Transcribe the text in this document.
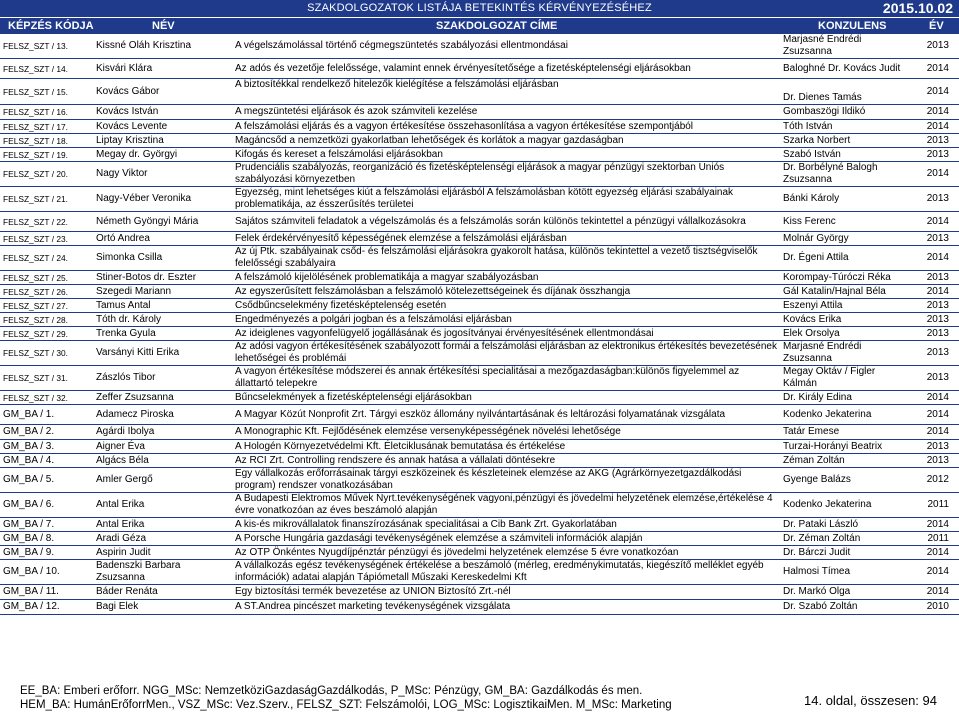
SZAKDOLGOZATOK LISTÁJA BETEKINTÉS KÉRVÉNYEZÉSÉHEZ	2015.10.02
KÉPZÉS KÓDJA	NÉV	SZAKDOLGOZAT CÍME	KONZULENS	ÉV
FELSZ_SZT / 13.	Kissné Oláh Krisztina	A végelszámolással történő cégmegszüntetés szabályozási ellentmondásai	Marjasné Endrédi Zsuzsanna	2013
FELSZ_SZT / 14.	Kisvári Klára	Az adós és vezetője felelőssége, valamint ennek érvényesítetősége a fizetésképtelenségi eljárásokban	Baloghné Dr. Kovács Judit	2014
FELSZ_SZT / 15.	Kovács Gábor	A biztosítékkal rendelkező hitelezők kielégítése a felszámolási eljárásban	Dr. Dienes Tamás	2014
FELSZ_SZT / 16.	Kovács István	A megszüntetési eljárások és azok számviteli kezelése	Gombaszögi Ildikó	2014
FELSZ_SZT / 17.	Kovács Levente	A felszámolási eljárás és a vagyon értékesítése összehasonlítása a vagyon értékesítése szempontjából	Tóth István	2014
FELSZ_SZT / 18.	Liptay Krisztina	Magáncsőd a nemzetközi gyakorlatban lehetőségek és korlátok a magyar gazdaságban	Szarka Norbert	2013
FELSZ_SZT / 19.	Megay dr. Györgyi	Kifogás és kereset a felszámolási eljárásokban	Szabó István	2013
FELSZ_SZT / 20.	Nagy Viktor	Prudenciális szabályozás, reorganizáció és fizetésképtelenségi eljárások a magyar pénzügyi szektorban Uniós szabályozási környezetben	Dr. Borbélyné Balogh Zsuzsanna	2014
FELSZ_SZT / 21.	Nagy-Véber Veronika	Egyezség, mint lehetséges kiút a felszámolási eljárásból A felszámolásban kötött egyezség eljárási szabályainak problematikája, az ésszerűsítés területei	Bánki Károly	2013
FELSZ_SZT / 22.	Németh Gyöngyi Mária	Sajátos számviteli feladatok a végelszámolás és a felszámolás során különös tekintettel a pénzügyi vállalkozásokra	Kiss Ferenc	2014
FELSZ_SZT / 23.	Ortó Andrea	Felek érdekérvényesítő képességének elemzése a felszámolási eljárásban	Molnár György	2013
FELSZ_SZT / 24.	Simonka Csilla	Az új Ptk. szabályainak csőd- és felszámolási eljárásokra gyakorolt hatása, különös tekintettel a vezető tisztségviselők felelősségi szabályaira	Dr. Égeni Attila	2014
FELSZ_SZT / 25.	Stiner-Botos dr. Eszter	A felszámoló kijelölésének problematikája a magyar szabályozásban	Korompay-Túróczi Réka	2013
FELSZ_SZT / 26.	Szegedi Mariann	Az egyszerűsített felszámolásban a felszámoló kötelezettségeinek és díjának összhangja	Gál Katalin/Hajnal Béla	2014
FELSZ_SZT / 27.	Tamus Antal	Csődbűncselekmény fizetésképtelenség esetén	Eszenyi Attila	2013
FELSZ_SZT / 28.	Tóth dr. Károly	Engedményezés a polgári jogban és a felszámolási eljárásban	Kovács Erika	2013
FELSZ_SZT / 29.	Trenka Gyula	Az ideiglenes vagyonfelügyelő jogállásának és jogosítványai érvényesítésének ellentmondásai	Elek Orsolya	2013
FELSZ_SZT / 30.	Varsányi Kitti Erika	Az adósi vagyon értékesítésének szabályozott formái a felszámolási eljárásban az elektronikus értékesítés bevezetésének lehetőségei és problémái	Marjasné Endrédi Zsuzsanna	2013
FELSZ_SZT / 31.	Zászlós Tibor	A vagyon értékesítése módszerei és annak értékesítési specialitásai a mezőgazdaságban:különös figyelemmel az állattartó telepekre	Megay Oktáv / Figler Kálmán	2013
FELSZ_SZT / 32.	Zeffer Zsuzsanna	Bűncselekmények a fizetésképtelenségi eljárásokban	Dr. Király Edina	2014
GM_BA / 1.	Adamecz Piroska	A Magyar Közút Nonprofit Zrt. Tárgyi eszköz állomány nyilvántartásának és leltározási folyamatának vizsgálata	Kodenko Jekaterina	2014
GM_BA / 2.	Agárdi Ibolya	A Monographic Kft. Fejlődésének elemzése versenyképességének növelési lehetősége	Tatár Emese	2014
GM_BA / 3.	Aigner Éva	A Hologén Környezetvédelmi Kft. Életciklusának bemutatása és értékelése	Turzai-Horányi Beatrix	2013
GM_BA / 4.	Algács Béla	Az RCI Zrt. Controlling rendszere és annak hatása a vállalati döntésekre	Zéman Zoltán	2013
GM_BA / 5.	Amler Gergő	Egy vállalkozás erőforrásainak tárgyi eszközeinek és készleteinek elemzése az AKG (Agrárkörnyezetgazdálkodási program) rendszer vonatkozásában	Gyenge Balázs	2012
GM_BA / 6.	Antal Erika	A Budapesti Elektromos Művek Nyrt.tevékenységének vagyoni,pénzügyi és jövedelmi helyzetének elemzése,értékelése 4 évre vonatkozóan az éves beszámoló alapján	Kodenko Jekaterina	2011
GM_BA / 7.	Antal Erika	A kis-és mikrovállalatok finanszírozásának specialitásai a Cib Bank Zrt. Gyakorlatában	Dr. Pataki László	2014
GM_BA / 8.	Aradi Géza	A Porsche Hungária gazdasági tevékenységének elemzése a számviteli információk alapján	Dr. Zéman Zoltán	2011
GM_BA / 9.	Aspirin Judit	Az OTP Önkéntes Nyugdíjpénztár pénzügyi és jövedelmi helyzetének elemzése 5 évre vonatkozóan	Dr. Bárczi Judit	2014
GM_BA / 10.	Badenszki Barbara Zsuzsanna	A vállalkozás egész tevékenységének értékelése a beszámoló (mérleg, eredménykimutatás, kiegészítő melléklet egyéb információk) adatai alapján Tápiómetall Műszaki Kereskedelmi Kft	Halmosi Tímea	2014
GM_BA / 11.	Báder Renáta	Egy biztosítási termék bevezetése az UNION Biztosító Zrt.-nél	Dr. Markó Olga	2014
GM_BA / 12.	Bagi Elek	A ST.Andrea pincészet marketing tevékenységének vizsgálata	Dr. Szabó Zoltán	2010
EE_BA: Emberi erőforr. NGG_MSc: NemzetköziGazdaságGazdálkodás, P_MSc: Pénzügy, GM_BA: Gazdálkodás és men.
HEM_BA: HumánErőforrMen., VSZ_MSc: Vez.Szerv., FELSZ_SZT: Felszámolói, LOG_MSc: LogisztikaiMen. M_MSc: Marketing	14. oldal, összesen: 94
